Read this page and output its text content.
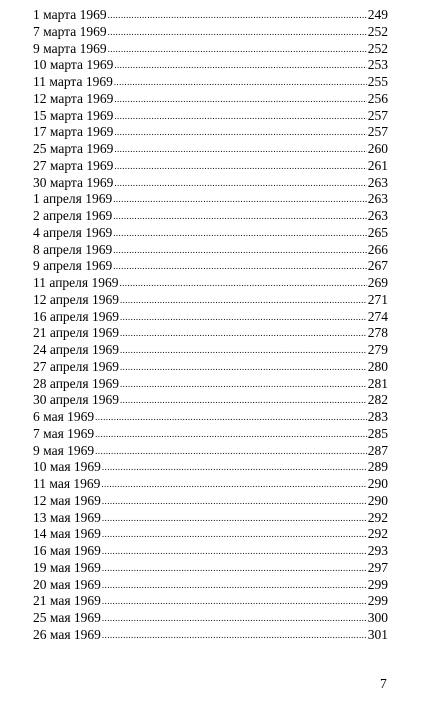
1 марта 1969 .....	249
7 марта 1969 .....	252
9 марта 1969 .....	252
10 марта 1969 .....	253
11 марта 1969 .....	255
12 марта 1969 .....	256
15 марта 1969 .....	257
17 марта 1969 .....	257
25 марта 1969 .....	260
27 марта 1969 .....	261
30 марта 1969 .....	263
1 апреля 1969 .....	263
2 апреля 1969 .....	263
4 апреля 1969 .....	265
8 апреля 1969 .....	266
9 апреля 1969 .....	267
11 апреля 1969 .....	269
12 апреля 1969 .....	271
16 апреля 1969 .....	274
21 апреля 1969 .....	278
24 апреля 1969 .....	279
27 апреля 1969 .....	280
28 апреля 1969 .....	281
30 апреля 1969 .....	282
6 мая 1969 .....	283
7 мая 1969 .....	285
9 мая 1969 .....	287
10 мая 1969 .....	289
11 мая 1969 .....	290
12 мая 1969 .....	290
13 мая 1969 .....	292
14 мая 1969 .....	292
16 мая 1969 .....	293
19 мая 1969 .....	297
20 мая 1969 .....	299
21 мая 1969 .....	299
25 мая 1969 .....	300
26 мая 1969 .....	301
7
